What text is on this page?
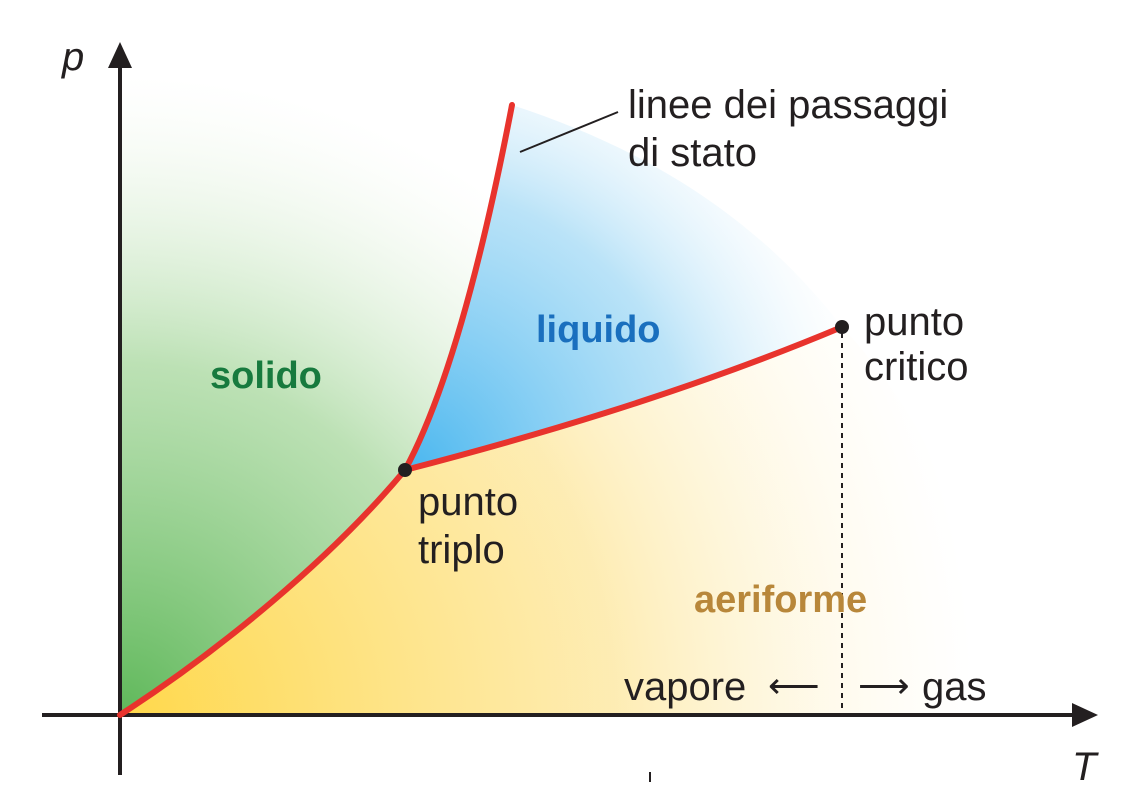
p
T
solido
liquido
aeriforme
linee dei passaggi
di stato
punto
triplo
punto
critico
vapore ⟵ ⟶ gas
